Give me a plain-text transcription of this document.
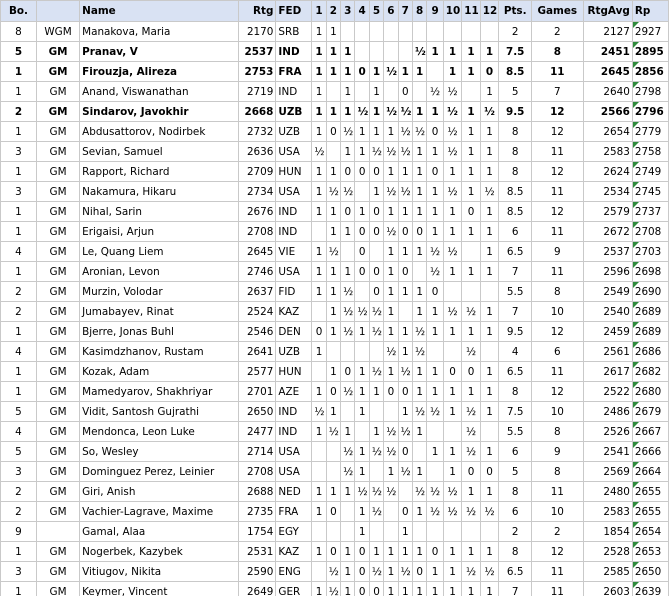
Bo.		Name	Rtg	FED	1	2	3	4	5	6	7	8	9	10	11	12	Pts.	Games	RtgAvg	Rp
8	WGM	Manakova, Maria	2170	SRB	1	1											2	2	2127	2927
5	GM	Pranav, V	2537	IND	1	1	1					½	1	1	1	1	7.5	8	2451	2895
1	GM	Firouzja, Alireza	2753	FRA	1	1	1	0	1	½	1	1		1	1	0	8.5	11	2645	2856
1	GM	Anand, Viswanathan	2719	IND	1		1		1		0		½	½		1	5	7	2640	2798
2	GM	Sindarov, Javokhir	2668	UZB	1	1	1	½	1	½	½	1	1	½	1	½	9.5	12	2566	2796
1	GM	Abdusattorov, Nodirbek	2732	UZB	1	0	½	1	1	1	½	½	0	½	1	1	8	12	2654	2779
3	GM	Sevian, Samuel	2636	USA	½		1	1	½	½	½	1	1	½	1	1	8	11	2583	2758
1	GM	Rapport, Richard	2709	HUN	1	1	0	0	0	1	1	1	0	1	1	1	8	12	2624	2749
3	GM	Nakamura, Hikaru	2734	USA	1	½	½		1	½	½	1	1	½	1	½	8.5	11	2534	2745
1	GM	Nihal, Sarin	2676	IND	1	1	0	1	0	1	1	1	1	1	0	1	8.5	12	2579	2737
1	GM	Erigaisi, Arjun	2708	IND		1	1	0	0	½	0	0	1	1	1	1	6	11	2672	2708
4	GM	Le, Quang Liem	2645	VIE	1	½		0		1	1	1	½	½		1	6.5	9	2537	2703
1	GM	Aronian, Levon	2746	USA	1	1	1	0	0	1	0		½	1	1	1	7	11	2596	2698
2	GM	Murzin, Volodar	2637	FID	1	1	½		0	1	1	1	0				5.5	8	2549	2690
2	GM	Jumabayev, Rinat	2524	KAZ		1	½	½	½	1		1	1	½	½	1	7	10	2540	2689
1	GM	Bjerre, Jonas Buhl	2546	DEN	0	1	½	1	½	1	1	½	1	1	1	1	9.5	12	2459	2689
4	GM	Kasimdzhanov, Rustam	2641	UZB	1					½	1	½			½		4	6	2561	2686
1	GM	Kozak, Adam	2577	HUN		1	0	1	½	1	½	1	1	0	0	1	6.5	11	2617	2682
1	GM	Mamedyarov, Shakhriyar	2701	AZE	1	0	½	1	1	0	0	1	1	1	1	1	8	12	2522	2680
5	GM	Vidit, Santosh Gujrathi	2650	IND	½	1		1			1	½	½	1	½	1	7.5	10	2486	2679
4	GM	Mendonca, Leon Luke	2477	IND	1	½	1		1	½	½	1			½		5.5	8	2526	2667
5	GM	So, Wesley	2714	USA			½	1	½	½	0		1	1	½	1	6	9	2541	2666
3	GM	Dominguez Perez, Leinier	2708	USA			½	1		1	½	1		1	0	0	5	8	2569	2664
2	GM	Giri, Anish	2688	NED	1	1	1	½	½	½		½	½	½	1	1	8	11	2480	2655
2	GM	Vachier-Lagrave, Maxime	2735	FRA	1	0		1	½		0	1	½	½	½	½	6	10	2583	2655
9		Gamal, Alaa	1754	EGY				1			1						2	2	1854	2654
1	GM	Nogerbek, Kazybek	2531	KAZ	1	0	1	0	1	1	1	1	0	1	1	1	8	12	2528	2653
3	GM	Vitiugov, Nikita	2590	ENG		½	1	0	½	1	½	0	1	1	½	½	6.5	11	2585	2650
1	GM	Keymer, Vincent	2649	GER	1	½	1	0	0	1	1	1	1	1	1	1	7	11	2603	2639
